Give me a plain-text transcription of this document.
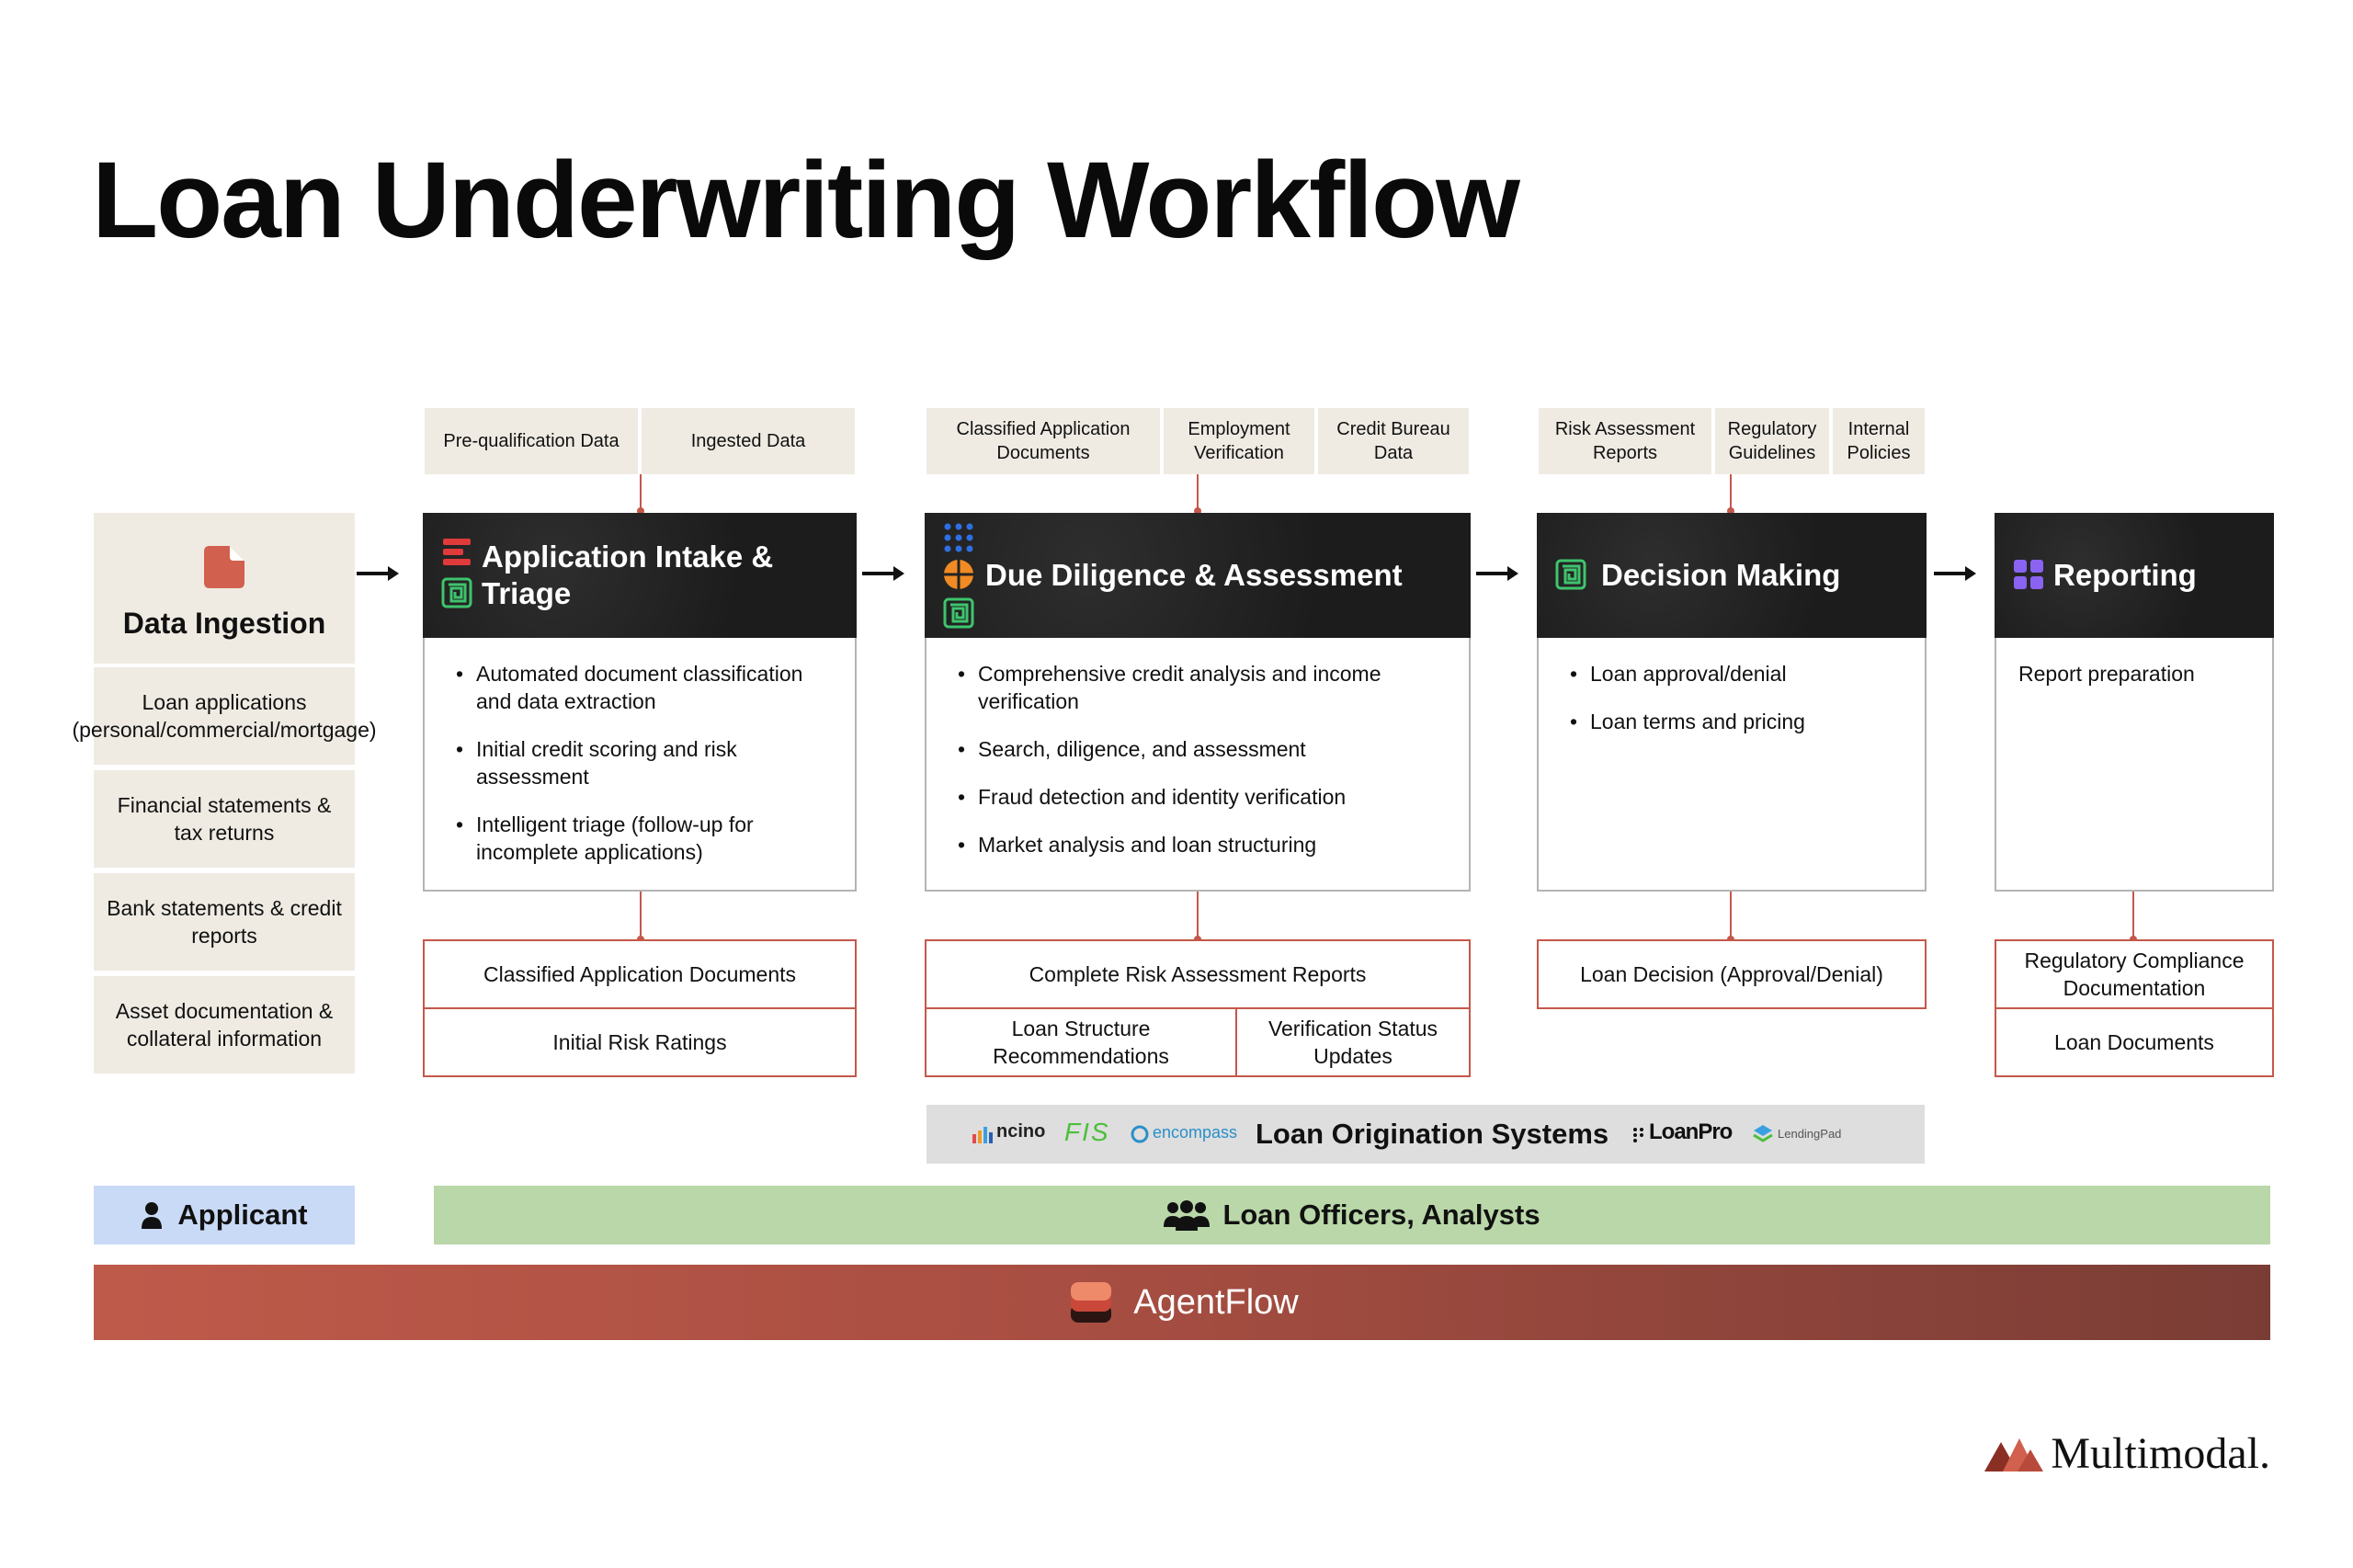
Loan Underwriting Workflow
Data Ingestion
Loan applications (personal/commercial/mortgage)
Financial statements & tax returns
Bank statements & credit reports
Asset documentation & collateral information
Pre-qualification Data	Ingested Data
Application Intake & Triage
• Automated document classification and data extraction
• Initial credit scoring and risk assessment
• Intelligent triage (follow-up for incomplete applications)
Classified Application Documents
Initial Risk Ratings
Classified Application Documents
Employment Verification
Credit Bureau Data
Due Diligence & Assessment
• Comprehensive credit analysis and income verification
• Search, diligence, and assessment
• Fraud detection and identity verification
• Market analysis and loan structuring
Complete Risk Assessment Reports
Loan Structure Recommendations
Verification Status Updates
Risk Assessment Reports
Regulatory Guidelines
Internal Policies
Decision Making
• Loan approval/denial
• Loan terms and pricing
Loan Decision (Approval/Denial)
Reporting
Report preparation
Regulatory Compliance Documentation
Loan Documents
ncino FIS	encompass Loan Origination Systems LoanPro	LendingPad
Applicant	Loan Officers, Analysts
AgentFlow
Multimodal.
